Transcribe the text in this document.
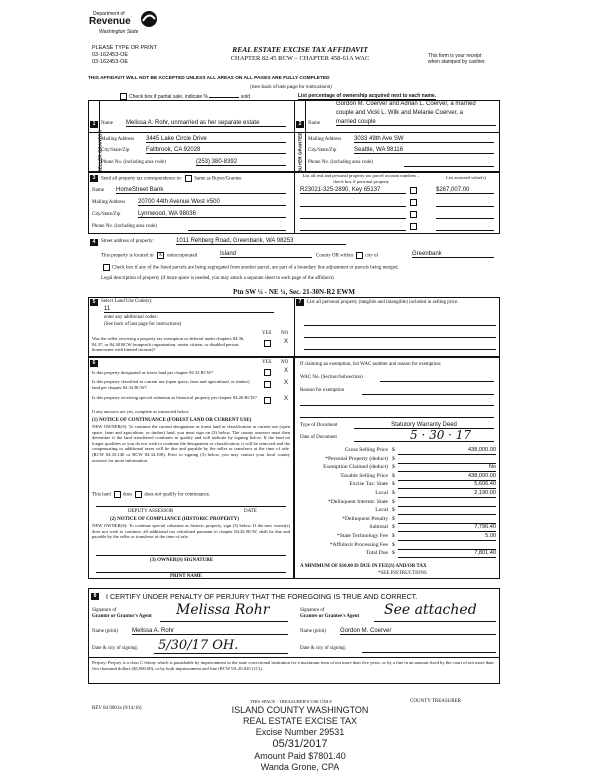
Department of
Revenue
Washington State
PLEASE TYPE OR PRINT
03-162453-OE
03-162453-OE
REAL ESTATE EXCISE TAX AFFIDAVIT
CHAPTER 82.45 RCW – CHAPTER 458-61A WAC	This form is your receipt
when stamped by cashier.
THIS AFFIDAVIT WILL NOT BE ACCEPTED UNLESS ALL AREAS ON ALL PAGES ARE FULLY COMPLETED
(See back of last page for instructions)
Check box if partial sale, indicate %	sold	List percentage of ownership acquired next to each name.
1
SELLER GRANTOR
Name Melissa A. Rohr, unmarried as her separate estate
Mailing Address 3445 Lake Circle Drive
City/State/Zip	Fallbrook, CA 92028
Phone No. (including area code)	(253) 380-8392
2
BUYER GRANTEE
Gordon M. Coerver and Adrian L. Coerver, a married
couple and Vicki L. Wilk and Melanie Coerver, a
Name	married couple
Mailing Address 3033 49th Ave SW
City/State/Zip	Seattle, WA 98116
Phone No. (including area code)
3	Send all property tax correspondence to: Same as Buyer/Grantee
Name HomeStreet Bank
Mailing Address 20700 44th Avenue West #500
City/State/Zip	Lynnwood, WA 98036
Phone No. (including area code)
List all real and personal property tax parcel account numbers – check box if personal property
List assessed value(s)
R23021-325-2890, Key 65137	$267,007.00
4	Street address of property:	1011 Rehberg Road, Greenbank, WA 98253
This property is located in X unincorporated	Island	County OR within city of	Greenbank
Check box if any of the listed parcels are being segregated from another parcel, are part of a boundary line adjustment or parcels being merged.
Legal description of property (if more space is needed, you may attach a separate sheet to each page of the affidavit)
Ptn SW ¼ - NE ¼, Sec. 21-30N-R2 EWM
5	Select Land Use Code(s):
11
enter any additional codes:
(See back of last page for instructions)
YES NO
Was the seller receiving a property tax exemption or deferral under chapters 84.36, 84.37, or 84.38 RCW (nonprofit organization, senior citizen, or disabled person, homeowner with limited income)?
X
7	List all personal property (tangible and intangible) included in selling price.
6	YES NO
Is this property designated as forest land per chapter 84.33 RCW?	X
Is this property classified as current use (open space, farm and agricultural, or timber) land per chapter 84.34 RCW?
X
Is this property receiving special valuation as historical property per chapter 84.26 RCW?	X
If any answers are yes, complete as instructed below.
(1) NOTICE OF CONTINUANCE (FOREST LAND OR CURRENT USE)
NEW OWNER(S): To continue the current designation as forest land or classification as current use (open space, farm and agriculture, or timber) land, you must sign on (3) below. The county assessor must then determine if the land transferred continues to qualify and will indicate by signing below. If the land no longer qualifies or you do not wish to continue the designation or classification, it will be removed and the compensating or additional taxes will be due and payable by the seller or transferor at the time of sale. (RCW 84.33.140 or RCW 84.34.108). Prior to signing (3) below, you may contact your local county assessor for more information.
This land does does not qualify for continuance.
DEPUTY ASSESSOR	DATE
(2) NOTICE OF COMPLIANCE (HISTORIC PROPERTY)
NEW OWNER(S): To continue special valuation as historic property, sign (3) below. If the new owner(s) does not wish to continue, all additional tax calculated pursuant to chapter 84.26 RCW, shall be due and payable by the seller or transferor at the time of sale.
(3) OWNER(S) SIGNATURE
PRINT NAME
If claiming an exemption, list WAC number and reason for exemption:
WAC No. (Section/Subsection)
Reason for exemption
Type of Document	Statutory Warranty Deed
Date of Document	5 · 30 · 17
Gross Selling Price $	438,000.00
*Personal Property (deduct) $
Exemption Claimed (deduct) $	No
Taxable Selling Price $	438,000.00
Excise Tax: State $	5,606.40
Local $	2,190.00
*Delinquent Interest: State $
Local $
*Delinquent Penalty $
Subtotal $	7,796.40
*State Technology Fee $	5.00
*Affidavit Processing Fee $
Total Due $	7,801.40
A MINIMUM OF $10.00 IS DUE IN FEE(S) AND/OR TAX
*SEE INSTRUCTIONS
8	I CERTIFY UNDER PENALTY OF PERJURY THAT THE FOREGOING IS TRUE AND CORRECT.
Signature of
Grantor or Grantor's Agent Melissa Rohr	Signature of
Grantee or Grantee's Agent See attached
Name (print) Melissa A. Rohr	Name (print) Gordon M. Coerver
Date & city of signing: 5/30/17 OH.	Date & city of signing:
Perjury: Perjury is a class C felony which is punishable by imprisonment in the state correctional institution for a maximum term of not more than five years, or by a fine in an amount fixed by the court of not more than five thousand dollars ($5,000.00), or by both imprisonment and fine (RCW 9A.20.020 (1C)).
REV 84 0001a (9/14/16)
THIS SPACE - TREASURER'S USE ONLY	COUNTY TREASURER
ISLAND COUNTY WASHINGTON
REAL ESTATE EXCISE TAX
Excise Number 29531
05/31/2017
Amount Paid $7801.40
Wanda Grone, CPA
